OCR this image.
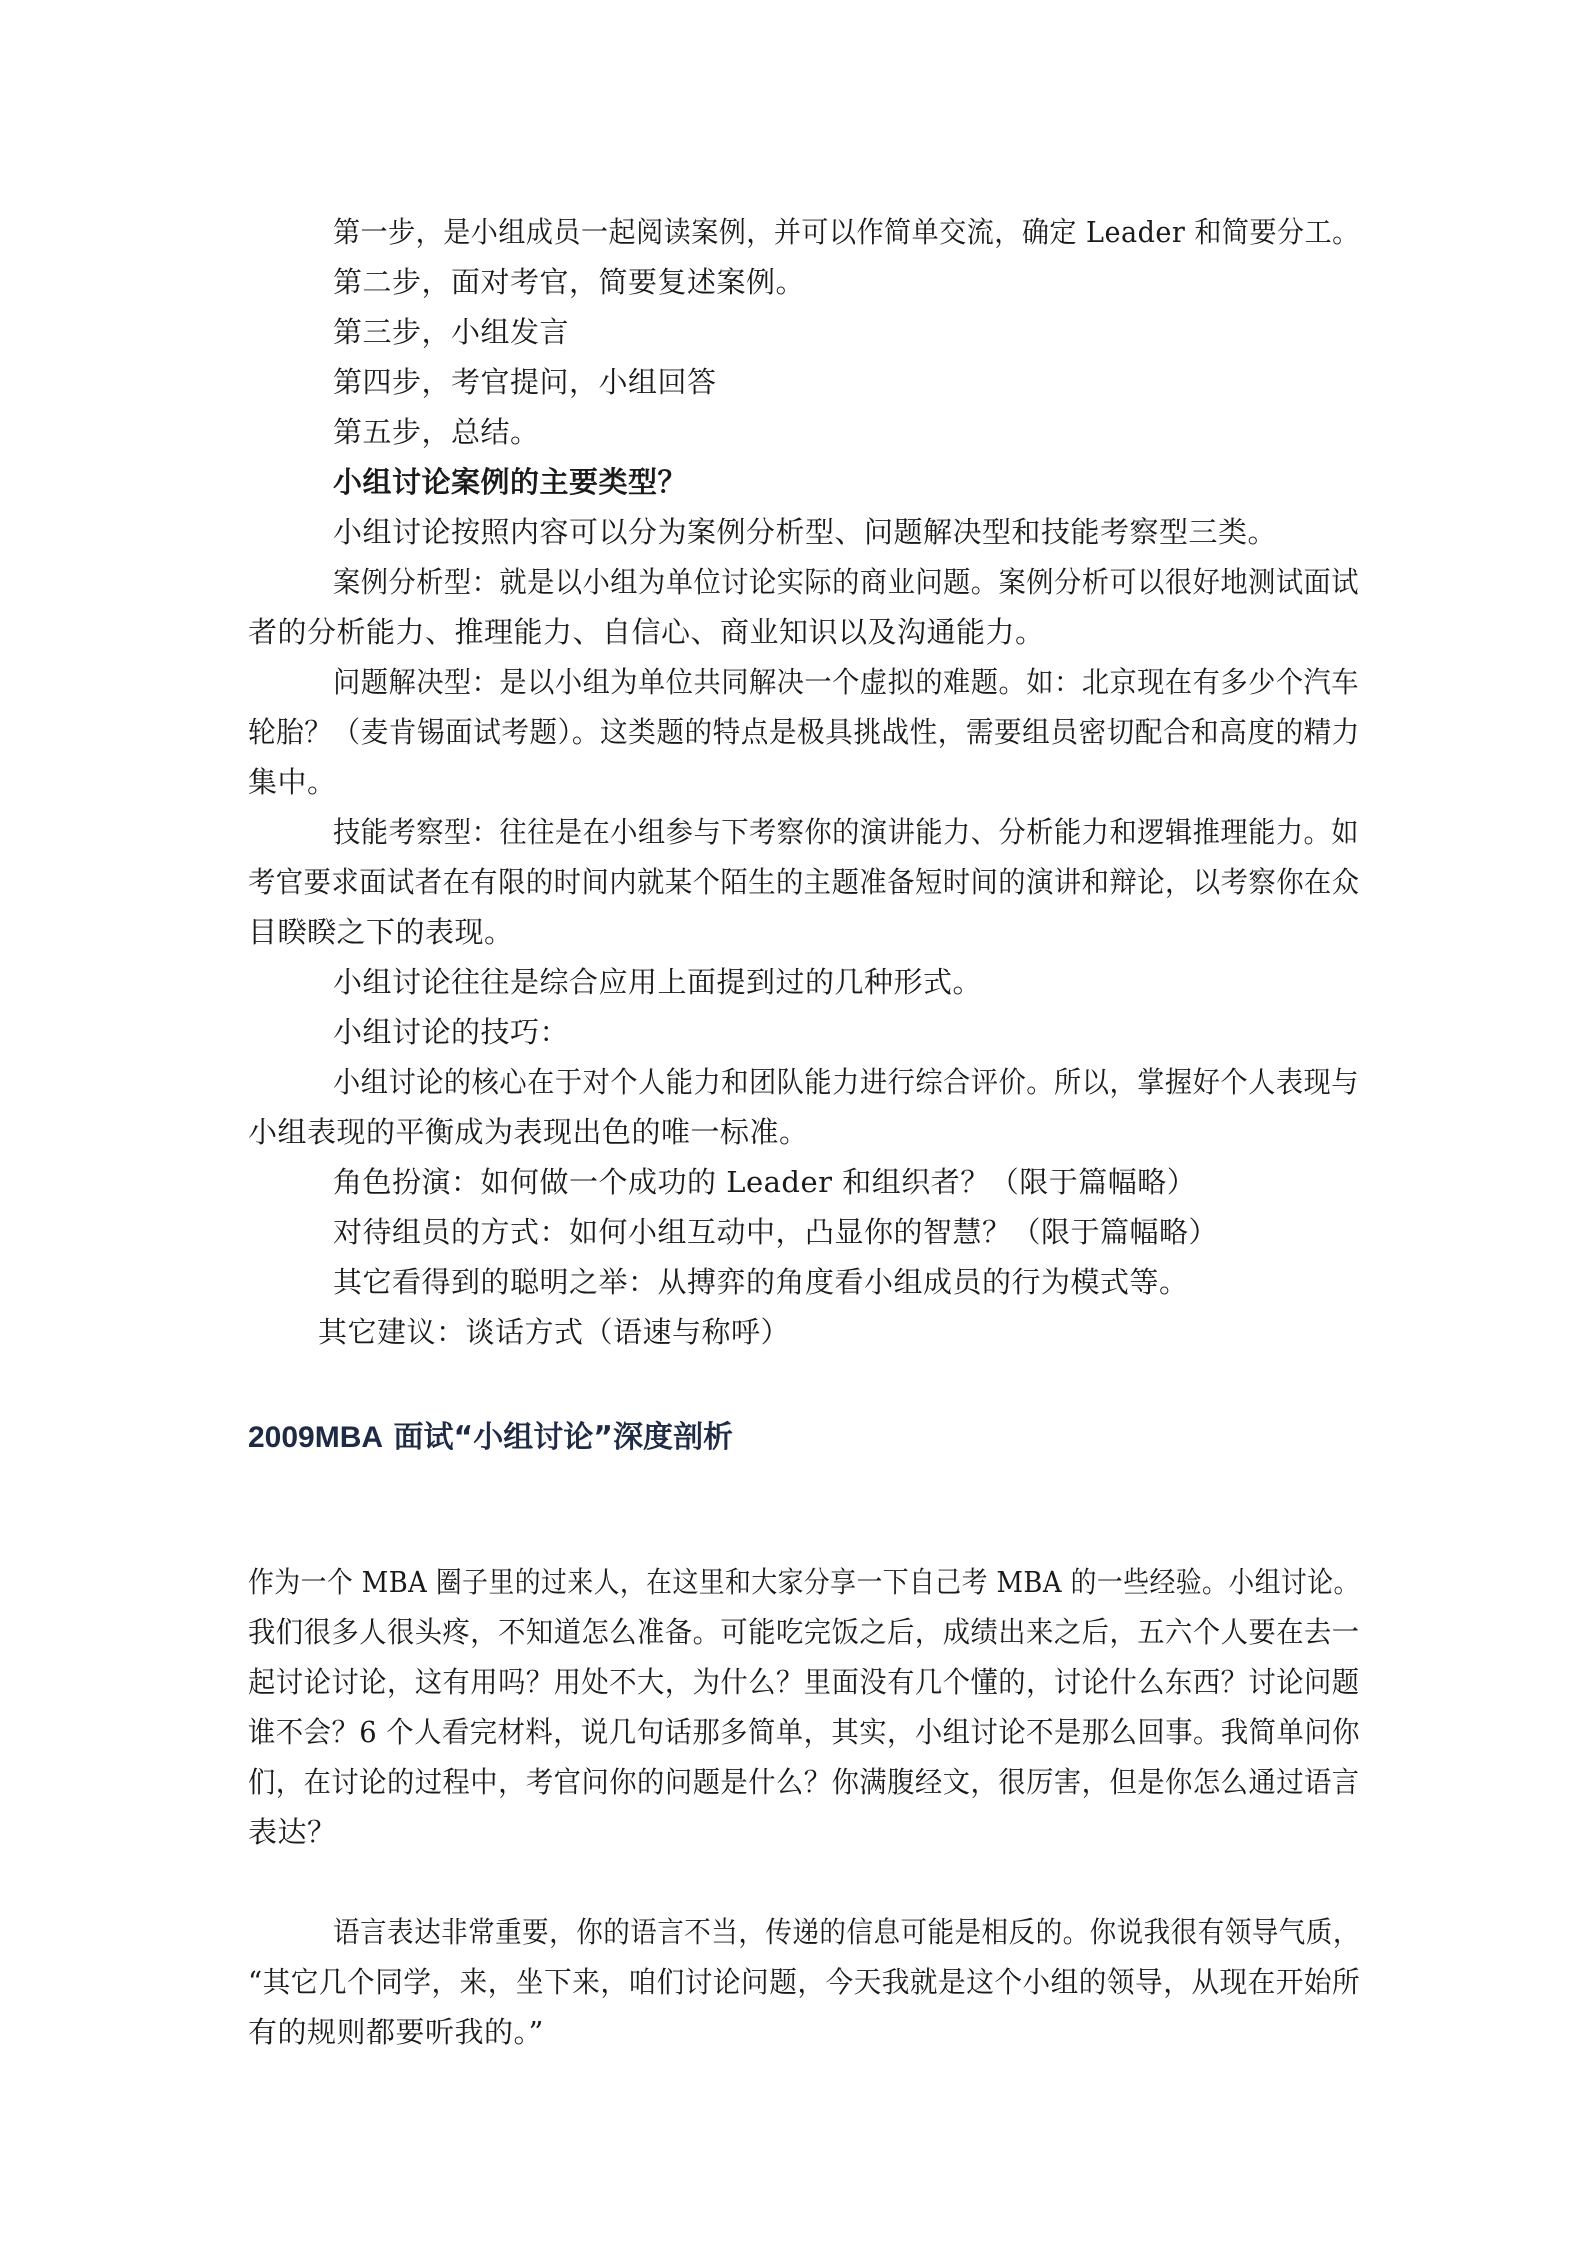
第一步，是小组成员一起阅读案例，并可以作简单交流，确定 Leader 和简要分工。
第二步，面对考官，简要复述案例。
第三步，小组发言
第四步，考官提问，小组回答
第五步，总结。
小组讨论案例的主要类型？
小组讨论按照内容可以分为案例分析型、问题解决型和技能考察型三类。
案例分析型：就是以小组为单位讨论实际的商业问题。案例分析可以很好地测试面试
者的分析能力、推理能力、自信心、商业知识以及沟通能力。
问题解决型：是以小组为单位共同解决一个虚拟的难题。如：北京现在有多少个汽车
轮胎？（麦肯锡面试考题）。这类题的特点是极具挑战性，需要组员密切配合和高度的精力
集中。
技能考察型：往往是在小组参与下考察你的演讲能力、分析能力和逻辑推理能力。如
考官要求面试者在有限的时间内就某个陌生的主题准备短时间的演讲和辩论，以考察你在众
目睽睽之下的表现。
小组讨论往往是综合应用上面提到过的几种形式。
小组讨论的技巧：
小组讨论的核心在于对个人能力和团队能力进行综合评价。所以，掌握好个人表现与
小组表现的平衡成为表现出色的唯一标准。
角色扮演：如何做一个成功的 Leader 和组织者？（限于篇幅略）
对待组员的方式：如何小组互动中，凸显你的智慧？（限于篇幅略）
其它看得到的聪明之举：从搏弈的角度看小组成员的行为模式等。
其它建议：谈话方式（语速与称呼）
2009MBA 面试“小组讨论”深度剖析
作为一个 MBA 圈子里的过来人，在这里和大家分享一下自己考 MBA 的一些经验。小组讨论。
我们很多人很头疼，不知道怎么准备。可能吃完饭之后，成绩出来之后，五六个人要在去一
起讨论讨论，这有用吗？用处不大，为什么？里面没有几个懂的，讨论什么东西？讨论问题
谁不会？6 个人看完材料，说几句话那多简单，其实，小组讨论不是那么回事。我简单问你
们，在讨论的过程中，考官问你的问题是什么？你满腹经文，很厉害，但是你怎么通过语言
表达？
语言表达非常重要，你的语言不当，传递的信息可能是相反的。你说我很有领导气质，
“其它几个同学，来，坐下来，咱们讨论问题，今天我就是这个小组的领导，从现在开始所
有的规则都要听我的。”
